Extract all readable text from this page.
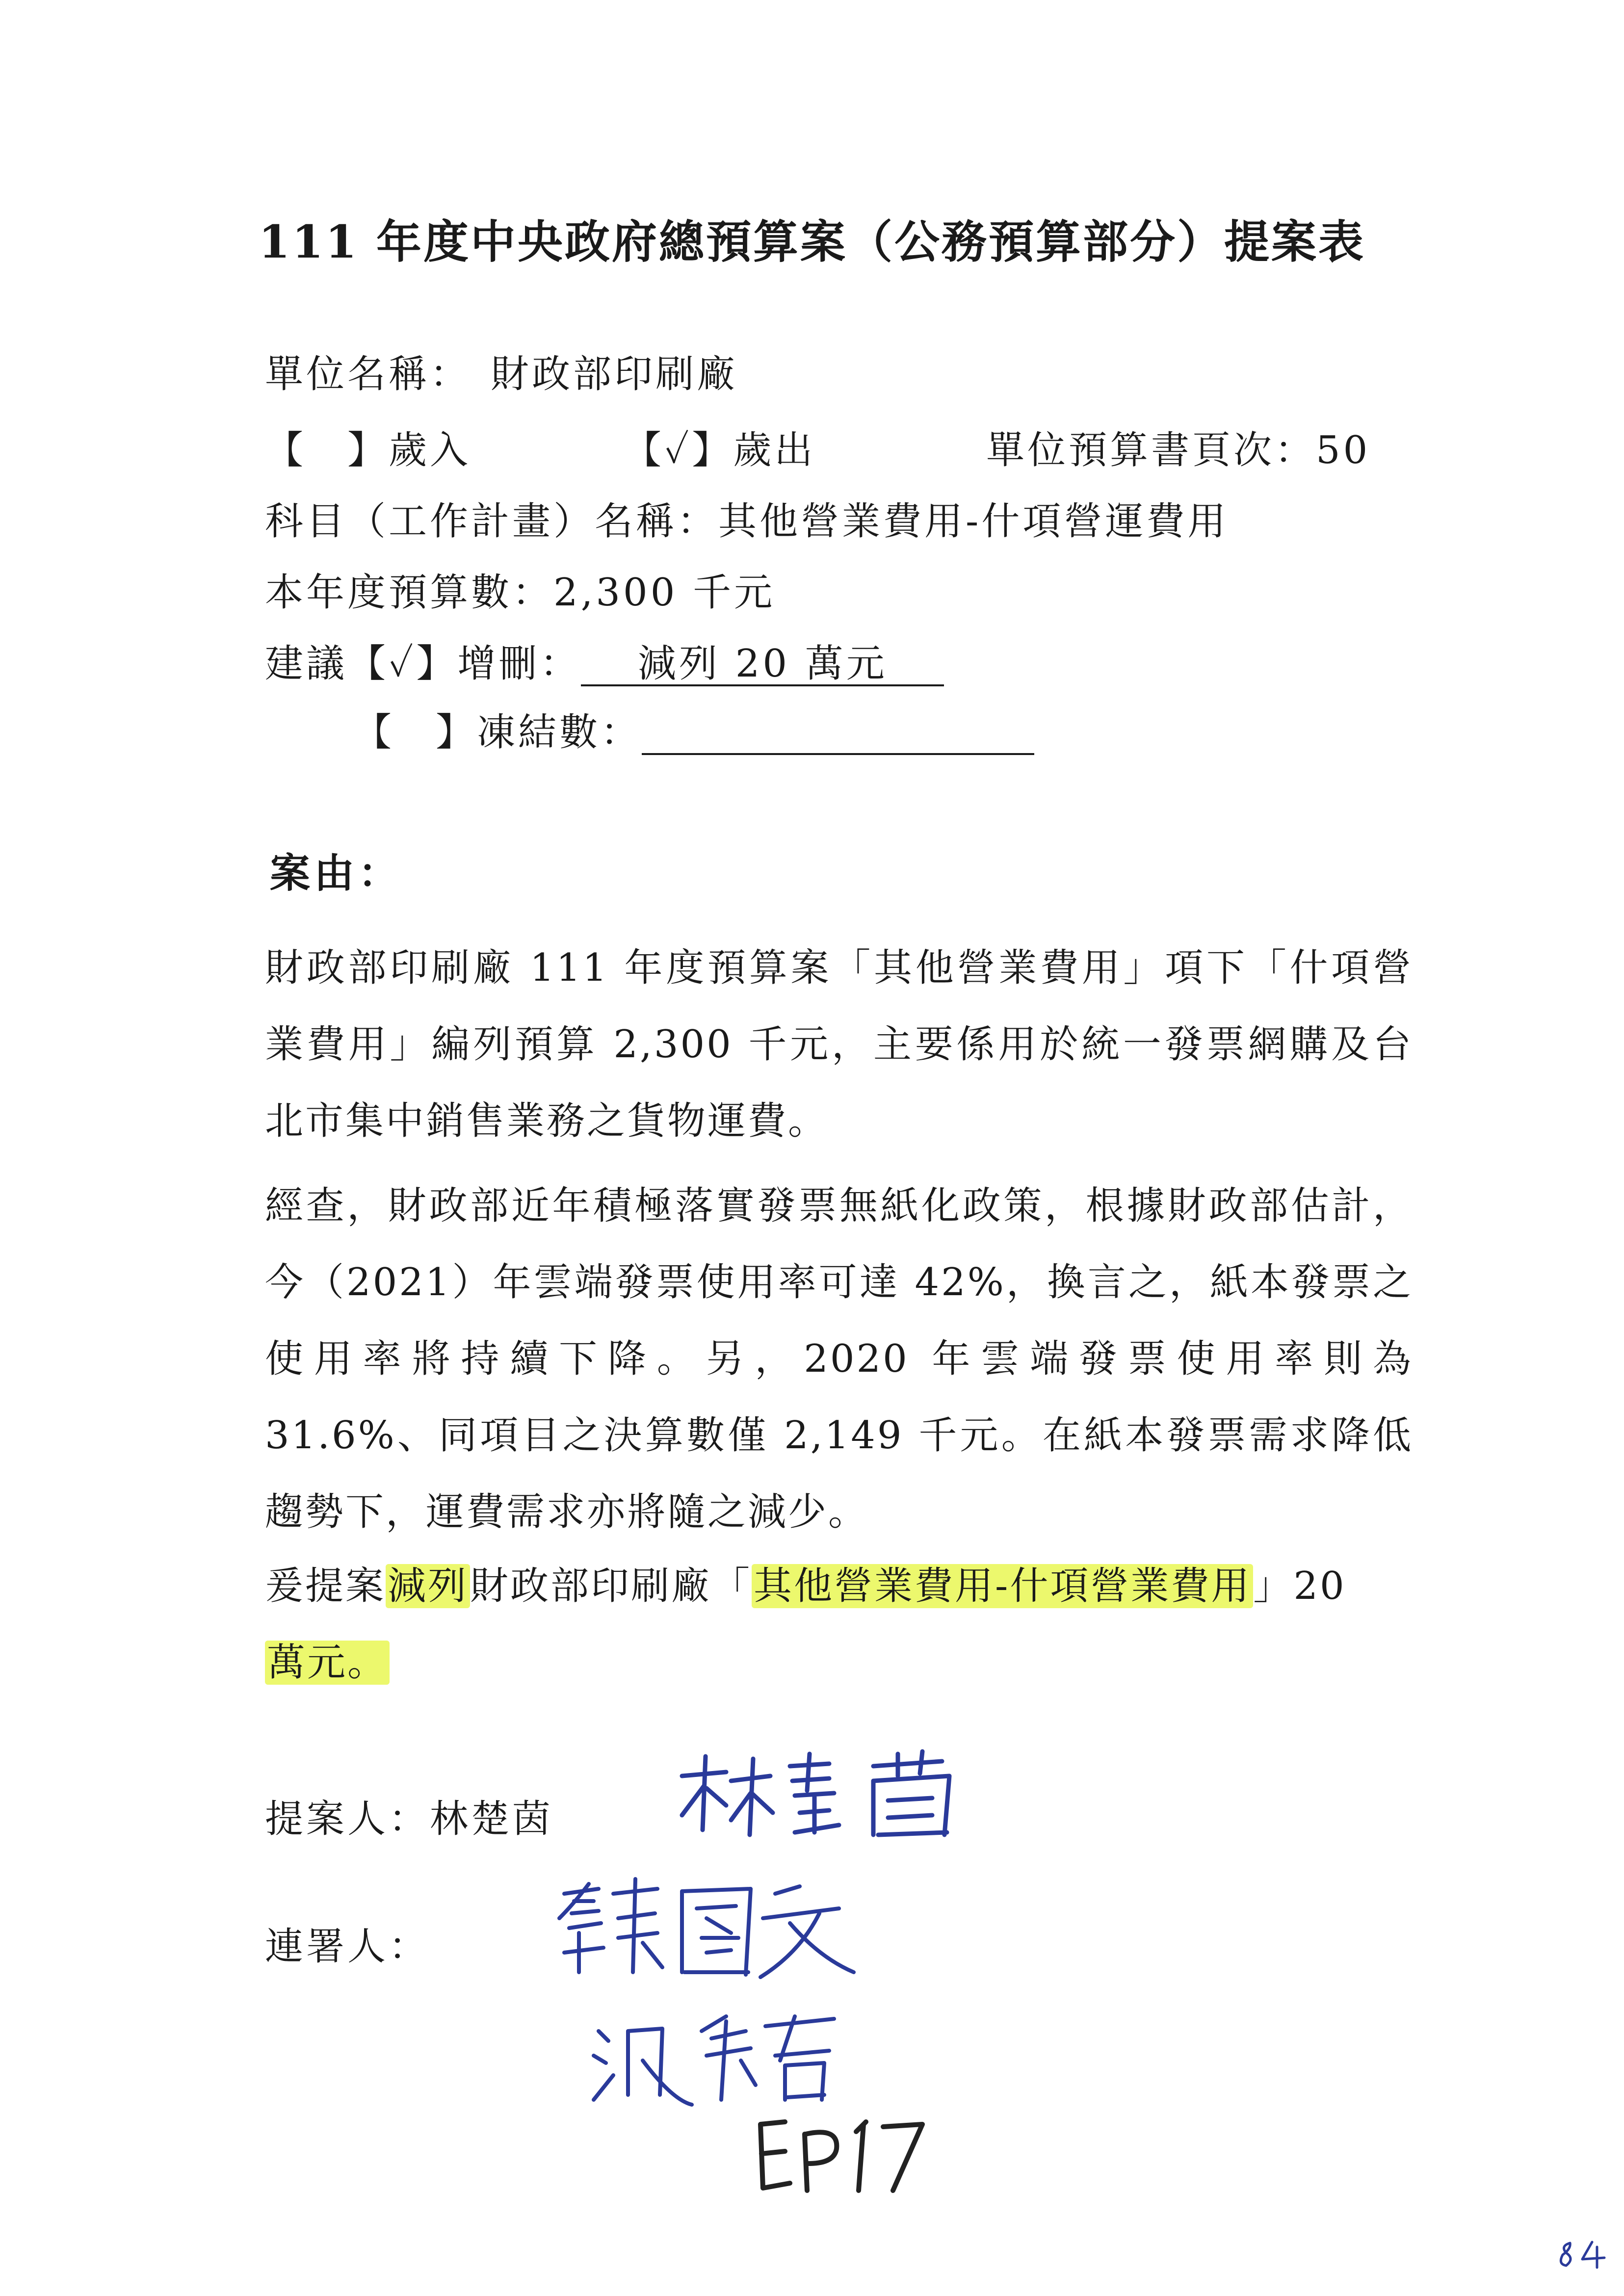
111 年度中央政府總預算案（公務預算部分）提案表
單位名稱： 財政部印刷廠
【　】歲入	【✓】歲出	單位預算書頁次：50
科目（工作計畫）名稱：其他營業費用-什項營運費用
本年度預算數：2,300 千元
建議【✓】增刪： 減列 20 萬元
【　】凍結數：
案由：
財政部印刷廠 111 年度預算案「其他營業費用」項下「什項營業費用」編列預算 2,300 千元，主要係用於統一發票網購及台北市集中銷售業務之貨物運費。
經查，財政部近年積極落實發票無紙化政策，根據財政部估計，今（2021）年雲端發票使用率可達 42%，換言之，紙本發票之使用率將持續下降。另，2020 年雲端發票使用率則為 31.6%、同項目之決算數僅 2,149 千元。在紙本發票需求降低趨勢下，運費需求亦將隨之減少。
爰提案減列財政部印刷廠「其他營業費用-什項營業費用」20
萬元。
提案人：林楚茵
連署人：
